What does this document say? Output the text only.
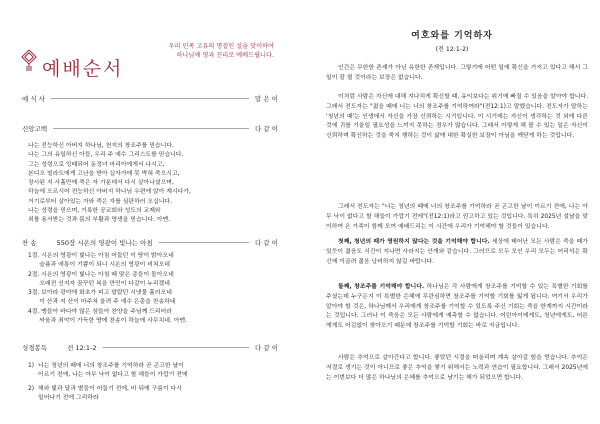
우리 민족 고유의 명절인 설을 맞이하여
하나님께 영과 진리로 예배드립니다.
예배순서
예 식 사	말 은 이
신앙고백	다 같 이
나는 전능하신 아버지 하나님, 천지의 창조주를 믿습니다.
나는 그의 유일하신 아들, 우리 주 예수 그리스도를 믿습니다.
그는 성령으로 잉태되어 동정녀 마리아에게서 나시고,
본디오 빌라도에게 고난을 받아 십자가에 못 박혀 죽으시고,
장사된 지 사흘만에 죽은 자 가운데서 다시 살아나셨으며,
하늘에 오르시어 전능하신 아버지 하나님 우편에 앉아 계시다가,
거기로부터 살아있는 자와 죽은 자를 심판하러 오십니다.
나는 성령을 믿으며, 거룩한 공교회와 성도의 교제와
죄를 용서받는 것과 몸의 부활과 영생을 믿습니다. 아멘.
찬 송	550장 시온의 영광이 빛나는 아침	다 같 이
1절. 시온의 영광이 빛나는 아침 어둡던 이 땅이 밝아오네
슬픔과 애통이 기쁨이 되니 시온의 영광이 비쳐오네
2절. 시온의 영광이 빛나는 아침 때 맞은 종들이 돌아오네
오래전 선지자 꿈꾸던 복을 만민이 다같이 누리겠네
3절. 보아라 광야에 화초가 피고 말랐던 시냇물 흘러오네
이 산과 저 산이 마주쳐 울려 주 예수 은총을 찬송하네
4절. 맹들아 바다야 많은 섬들아 찬양을 주님께 드리어라
싸움과 죄악이 가득한 땅에 찬송이 하늘에 사무치네. 아멘.
성경봉독	전 12:1-2	다 같 이
1) 너는 청년의 때에 너의 창조주를 기억하라 곧 곤고한 날이
이르기 전에, 나는 아무 낙이 없다고 할 해들이 가깝기 전에
2) 해와 빛과 달과 별들이 어둡기 전에, 비 뒤에 구름이 다시
일어나기 전에 그리하라
여호와를 기억하자
(전 12:1-2)
인간은 무한한 존재가 아닌 유한한 존재입니다. 그렇기에 어떤 일에 확신을 가지고 있다고 해서 그 일이 잘 될 것이라는 보장은 없습니다.
이처럼 사람은 자신에 대해 지나치게 확신할 때, 유익보다는 위기에 빠질 수 있음을 알아야 합니다. 그래서 전도자는 "젊을 때에 너는 너의 창조주를 기억하여라"(전12:1)고 말했습니다. 전도자가 말하는 '청년의 때'는 인생에서 자신을 가장 신뢰하는 시기입니다. 이 시기에는 자신이 생각하는 것 외에 다른 것에 귀를 기울일 필요성을 느끼지 못하는 경우가 많습니다. 그래서 이렇게 해 볼 수 있는 일은 자신이 신뢰하며 확신하는 것을 죽지 행하는 것이 삶에 대한 확실한 보장이 아님을 깨닫게 하는 것입니다.
그래서 전도자는 "너는 청년의 때에 너의 창조주를 기억하라 곧 곤고한 날이 이르기 전에, 나는 아무 낙이 없다고 할 해들이 가깝기 전에"(전12:1)라고 권고하고 있는 것입니다. 특히 2025년 설날을 맞이하여 온 가족이 함께 모여 예배드리는 이 시간에 우리가 기억해야 할 것들이 있습니다.
첫째, 청년의 때가 영원하지 않다는 것을 기억해야 합니다. 세상에 태어난 모든 사람은 죽을 때가 있듯이 젊음도 시간이 지나면 사라지는 안개와 같습니다. 그러므로 모두 모인 우리 모두는 어리석은 확신에 이끌려 젊음 낭비하지 않길 바랍니다.
둘째, 창조주를 기억해야 합니다. 하나님은 각 사람에게 창조주를 기억할 수 있는 특별한 기회를 주셨는데 누구든지 이 특별한 은혜에 무관심하면 창조주를 기억할 기회를 잃게 됩니다. 여기서 우리가 알아야 할 것은, 하나님께서 우리에게 창조주를 기억할 수 있도록 주신 기회는 죽을 한계까지 시간이라는 것입니다. 그러나 이 죽음은 모든 사람에게 예측할 수 없습니다. 어린아이에게도, 청년에게도, 어른에게도 어김없이 찾아오기 때문에 창조주를 기억할 기회는 바로 지금입니다.
사람은 추억으로 살아간다고 합니다. 좋았던 시절을 떠올리며 계속 살아갈 힘을 얻습니다. 추억은 저절로 생기는 것이 아니므로 좋은 추억을 쌓기 위해서는 노력과 연습이 필요합니다. 그래서 2025년에는 이번보다 더 많은 하나님의 은혜를 추억으로 남기는 해가 되었으면 합니다.
